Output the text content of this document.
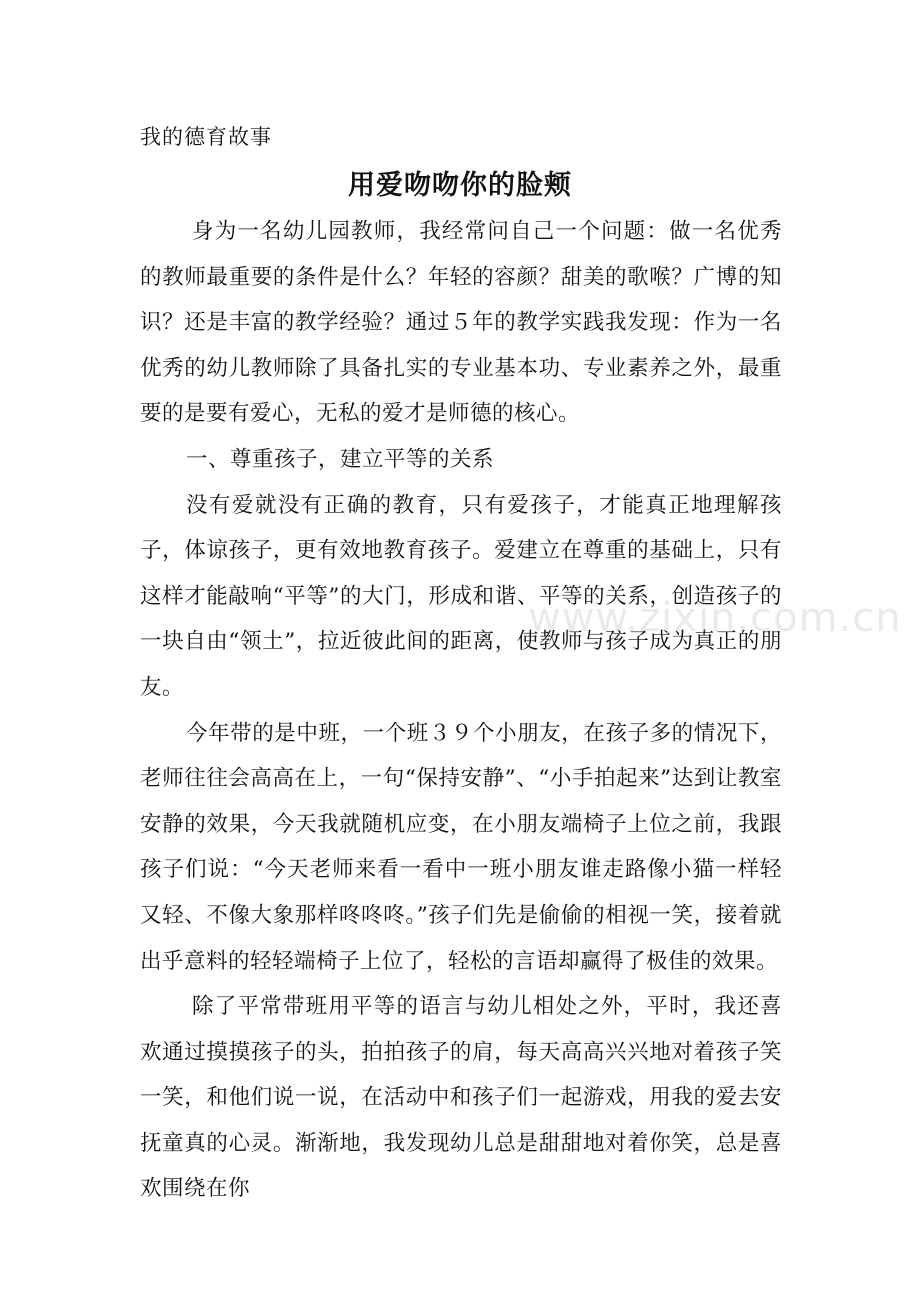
我的德育故事
用爱吻吻你的脸颊

身为一名幼儿园教师，我经常问自己一个问题：做一名优秀的教师最重要的条件是什么？年轻的容颜？甜美的歌喉？广博的知识？还是丰富的教学经验？通过５年的教学实践我发现：作为一名优秀的幼儿教师除了具备扎实的专业基本功、专业素养之外，最重要的是要有爱心，无私的爱才是师德的核心。

一、尊重孩子，建立平等的关系

没有爱就没有正确的教育，只有爱孩子，才能真正地理解孩子，体谅孩子，更有效地教育孩子。爱建立在尊重的基础上，只有这样才能敲响“平等”的大门，形成和谐、平等的关系，创造孩子的一块自由“领土”，拉近彼此间的距离，使教师与孩子成为真正的朋友。

今年带的是中班，一个班３９个小朋友，在孩子多的情况下，老师往往会高高在上，一句“保持安静”、“小手拍起来”达到让教室安静的效果，今天我就随机应变，在小朋友端椅子上位之前，我跟孩子们说：“今天老师来看一看中一班小朋友谁走路像小猫一样轻又轻、不像大象那样咚咚咚。”孩子们先是偷偷的相视一笑，接着就出乎意料的轻轻端椅子上位了，轻松的言语却赢得了极佳的效果。

除了平常带班用平等的语言与幼儿相处之外，平时，我还喜欢通过摸摸孩子的头，拍拍孩子的肩，每天高高兴兴地对着孩子笑一笑，和他们说一说，在活动中和孩子们一起游戏，用我的爱去安抚童真的心灵。渐渐地，我发现幼儿总是甜甜地对着你笑，总是喜欢围绕在你

www.zixin.com.cn
